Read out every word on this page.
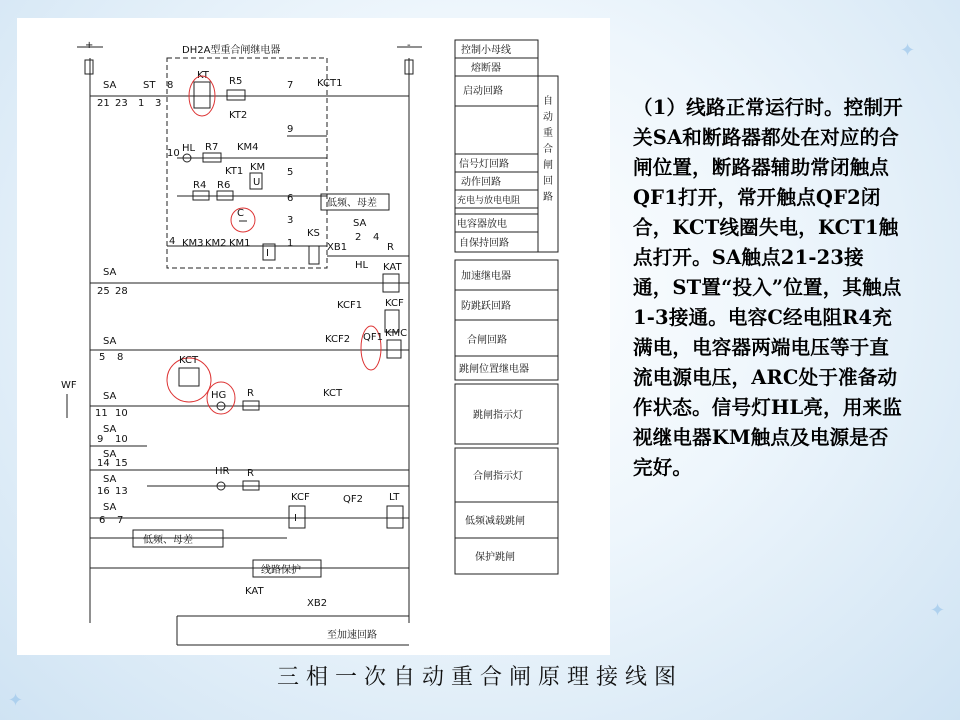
✦
✦
✦
+	-
DH2A型重合闸继电器
SA
21 23
ST
1 3
8
KT
R5
KT2
7 KCT1
9
10 HL R7 KM4
KT1 KM
U
5
R4 R6
6
C
3
4 KM3 KM2 KM1
I
1
低频、母差
SA
2 4
KS
XB1
HL
R
SA
25 28
KAT
KCF1 KCF
SA
5 8
KCF2 QF1 KMC
KCT
WF
SA
11 10
HG R	KCT
SA
9 10
SA
14 15
HR R
SA
16 13
SA
6 7
KCF
I
QF2	LT
低频、母差
线路保护
KAT
XB2
至加速回路
控制小母线
熔断器
启动回路
自
动
重
合
闸
回
路
信号灯回路
动作回路
充电与放电电阻
电容器放电
自保持回路
加速继电器
防跳跃回路
合闸回路
跳闸位置继电器
跳闸指示灯
合闸指示灯
低频减载跳闸
保护跳闸

（1）线路正常运行时。控制开关SA和断路器都处在对应的合闸位置，断路器辅助常闭触点QF1打开，常开触点QF2闭合，KCT线圈失电，KCT1触点打开。SA触点21-23接通，ST置“投入”位置，其触点1-3接通。电容C经电阻R4充满电，电容器两端电压等于直流电源电压，ARC处于准备动作状态。信号灯HL亮，用来监视继电器KM触点及电源是否完好。

三相一次自动重合闸原理接线图
